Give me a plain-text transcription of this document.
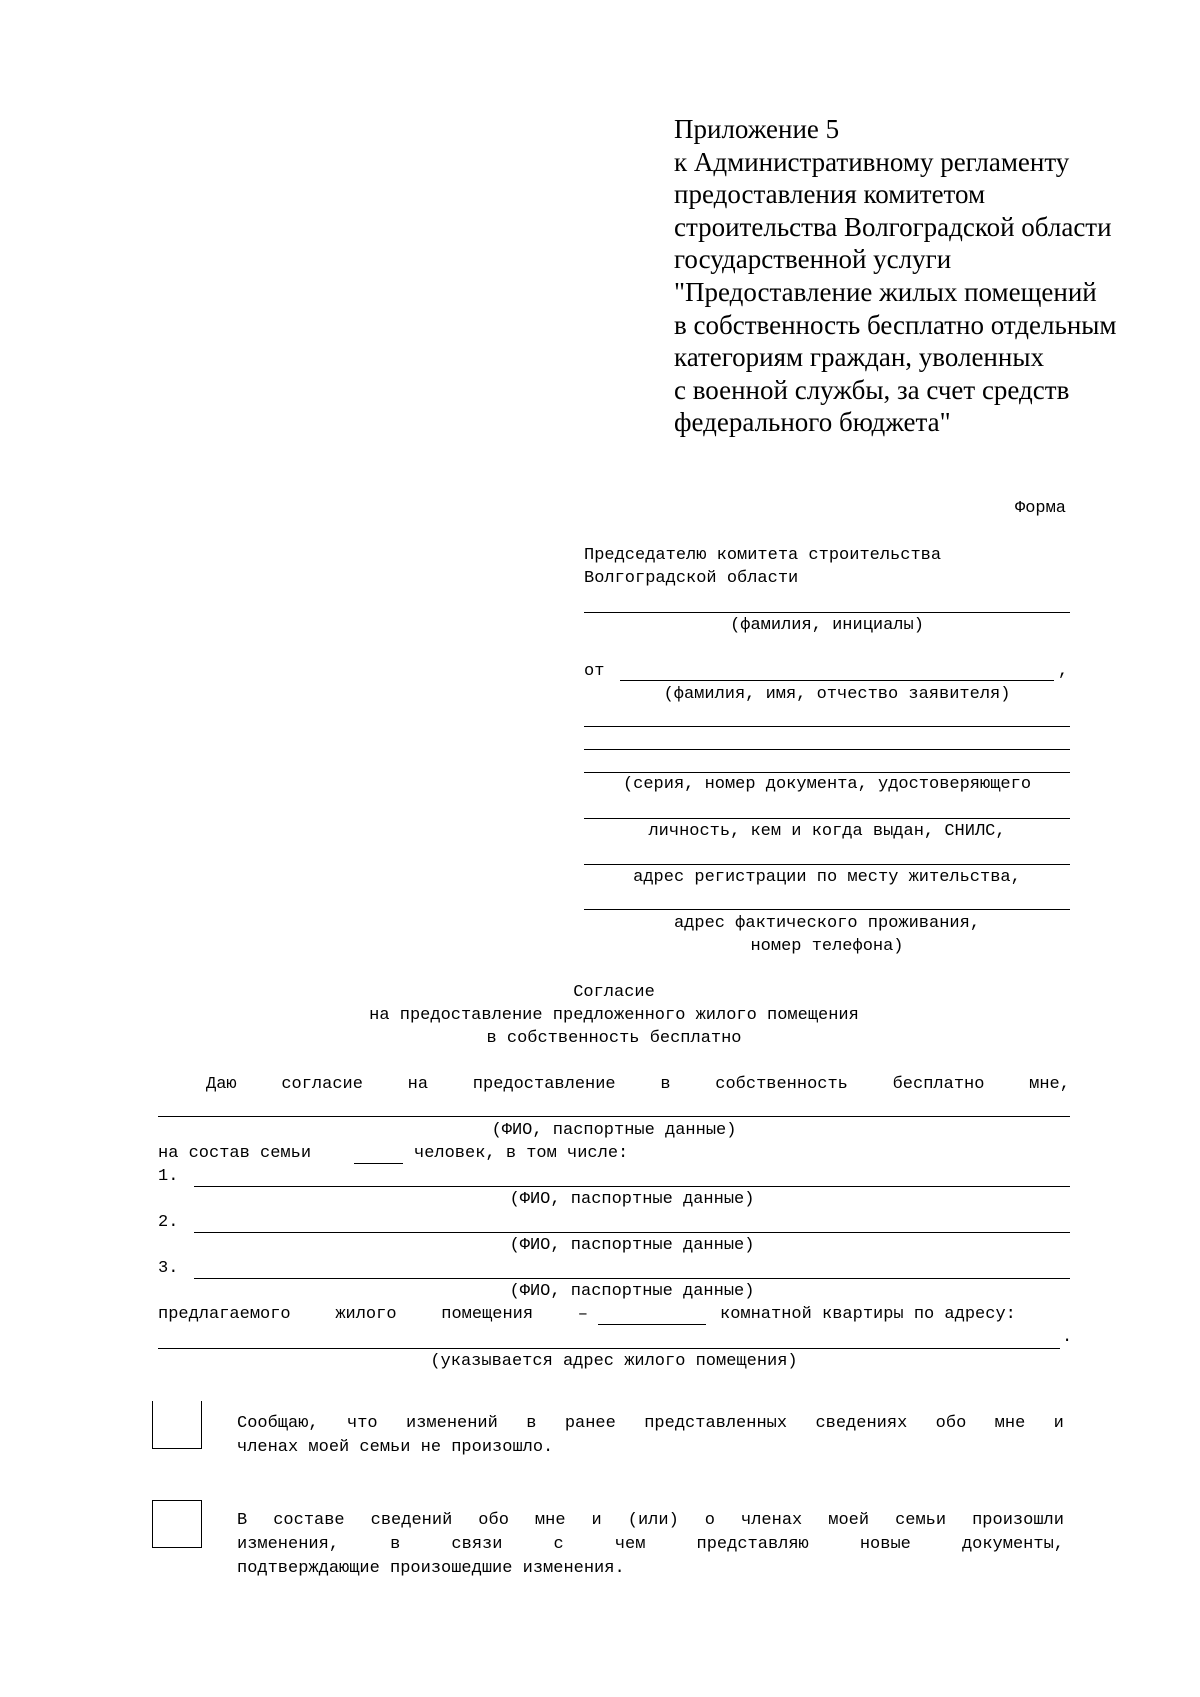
Приложение 5
к Административному регламенту
предоставления комитетом
строительства Волгоградской области
государственной услуги
"Предоставление жилых помещений
в собственность бесплатно отдельным
категориям граждан, уволенных
с военной службы, за счет средств
федерального бюджета"
Форма
Председателю комитета строительства
Волгоградской области
(фамилия, инициалы)
от	,
(фамилия, имя, отчество заявителя)
(серия, номер документа, удостоверяющего
личность, кем и когда выдан, СНИЛС,
адрес регистрации по месту жительства,
адрес фактического проживания,
номер телефона)
Согласие
на предоставление предложенного жилого помещения
в собственность бесплатно
Даю	согласие	на	предоставление	в	собственность	бесплатно	мне,
(ФИО, паспортные данные)
на состав семьи	человек, в том числе:
1.
(ФИО, паспортные данные)
2.
(ФИО, паспортные данные)
3.
(ФИО, паспортные данные)
предлагаемого	жилого	помещения	–	комнатной квартиры по адресу:
.
(указывается адрес жилого помещения)
Сообщаю, что изменений в ранее представленных сведениях обо мне и
членах моей семьи не произошло.
В составе сведений обо мне и (или) о членах моей семьи произошли
изменения,	в	связи	с	чем	представляю	новые	документы,
подтверждающие произошедшие изменения.
